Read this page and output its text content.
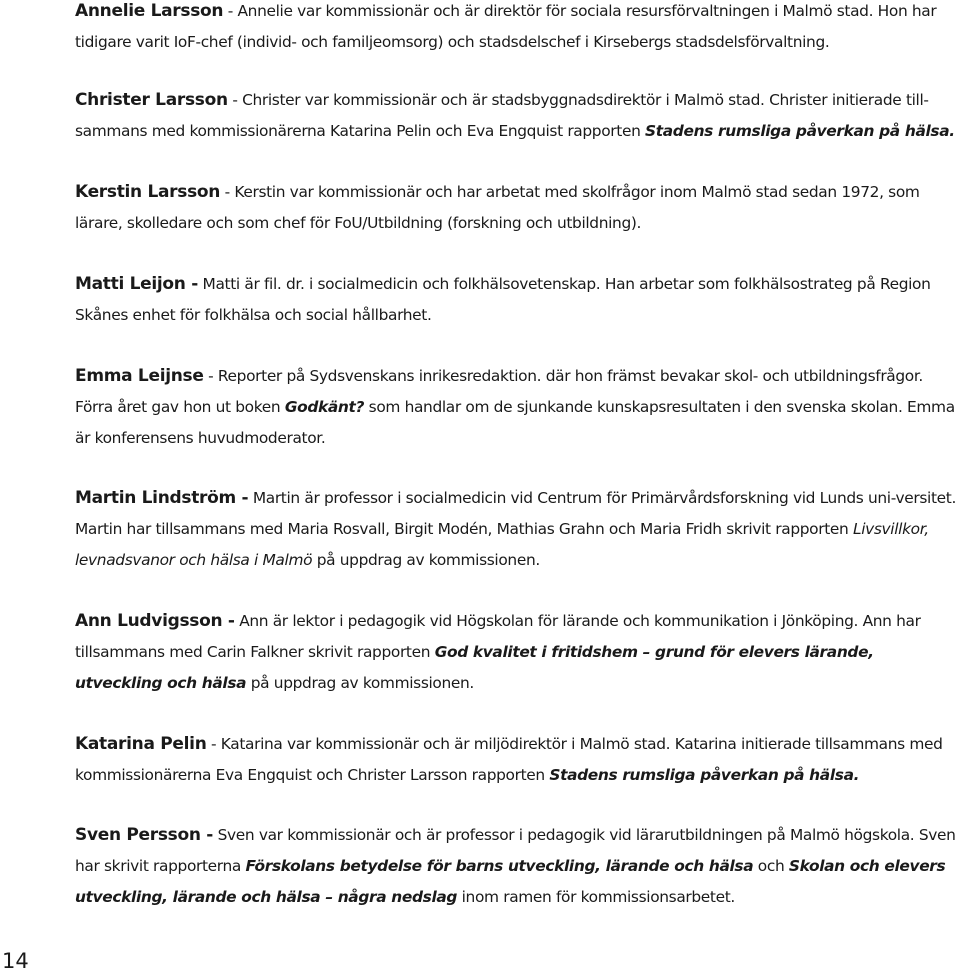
Annelie Larsson - Annelie var kommissionär och är direktör för sociala resursförvaltningen i Malmö stad. Hon har tidigare varit IoF-chef (individ- och familjeomsorg) och stadsdelschef i Kirsebergs stadsdelsförvaltning.

Christer Larsson - Christer var kommissionär och är stadsbyggnadsdirektör i Malmö stad. Christer initierade till-sammans med kommissionärerna Katarina Pelin och Eva Engquist rapporten Stadens rumsliga påverkan på hälsa.

Kerstin Larsson - Kerstin var kommissionär och har arbetat med skolfrågor inom Malmö stad sedan 1972, som lärare, skolledare och som chef för FoU/Utbildning (forskning och utbildning).

Matti Leijon - Matti är fil. dr. i socialmedicin och folkhälsovetenskap. Han arbetar som folkhälsostrateg på Region Skånes enhet för folkhälsa och social hållbarhet.

Emma Leijnse - Reporter på Sydsvenskans inrikesredaktion. där hon främst bevakar skol- och utbildningsfrågor. Förra året gav hon ut boken Godkänt? som handlar om de sjunkande kunskapsresultaten i den svenska skolan. Emma är konferensens huvudmoderator.

Martin Lindström - Martin är professor i socialmedicin vid Centrum för Primärvårdsforskning vid Lunds uni-versitet. Martin har tillsammans med Maria Rosvall, Birgit Modén, Mathias Grahn och Maria Fridh skrivit rapporten Livsvillkor, levnadsvanor och hälsa i Malmö på uppdrag av kommissionen.

Ann Ludvigsson - Ann är lektor i pedagogik vid Högskolan för lärande och kommunikation i Jönköping. Ann har tillsammans med Carin Falkner skrivit rapporten God kvalitet i fritidshem – grund för elevers lärande, utveckling och hälsa på uppdrag av kommissionen.

Katarina Pelin - Katarina var kommissionär och är miljödirektör i Malmö stad. Katarina initierade tillsammans med kommissionärerna Eva Engquist och Christer Larsson rapporten Stadens rumsliga påverkan på hälsa.

Sven Persson - Sven var kommissionär och är professor i pedagogik vid lärarutbildningen på Malmö högskola. Sven har skrivit rapporterna Förskolans betydelse för barns utveckling, lärande och hälsa och Skolan och elevers utveckling, lärande och hälsa – några nedslag inom ramen för kommissionsarbetet.

14
